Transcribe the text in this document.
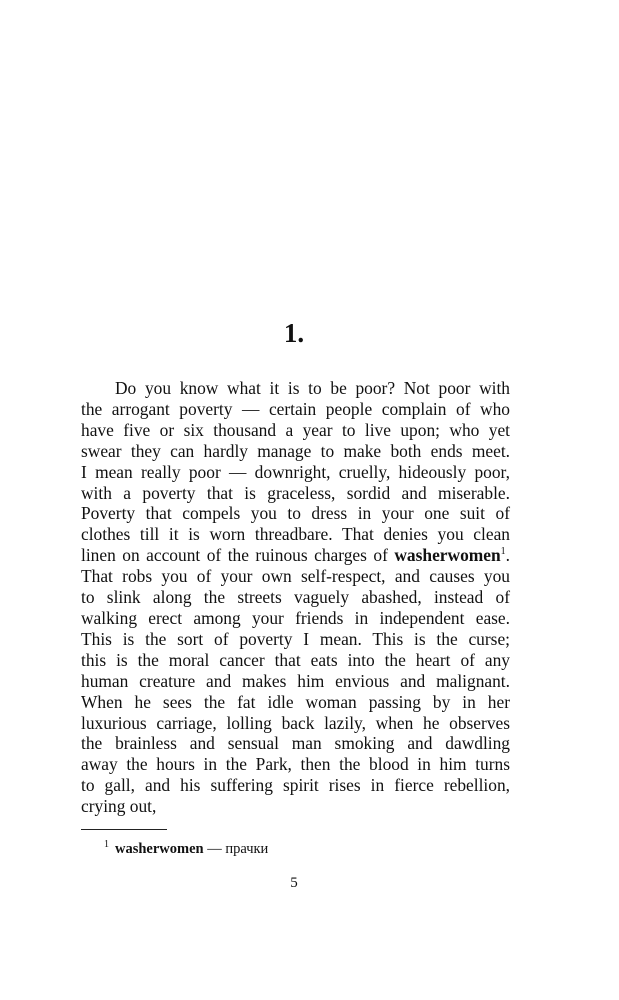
1.
Do you know what it is to be poor? Not poor with
the arrogant poverty — certain people complain of who
have five or six thousand a year to live upon; who yet
swear they can hardly manage to make both ends meet.
I mean really poor — downright, cruelly, hideously poor,
with a poverty that is graceless, sordid and miserable.
Poverty that compels you to dress in your one suit of
clothes till it is worn threadbare. That denies you clean
linen on account of the ruinous charges of washerwomen$^1$.
That robs you of your own self-respect, and causes you
to slink along the streets vaguely abashed, instead of
walking erect among your friends in independent ease.
This is the sort of poverty I mean. This is the curse;
this is the moral cancer that eats into the heart of any
human creature and makes him envious and malignant.
When he sees the fat idle woman passing by in her
luxurious carriage, lolling back lazily, when he observes
the brainless and sensual man smoking and dawdling
away the hours in the Park, then the blood in him turns
to gall, and his suffering spirit rises in fierce rebellion,
crying out,
$^1$ washerwomen — прачки
5
